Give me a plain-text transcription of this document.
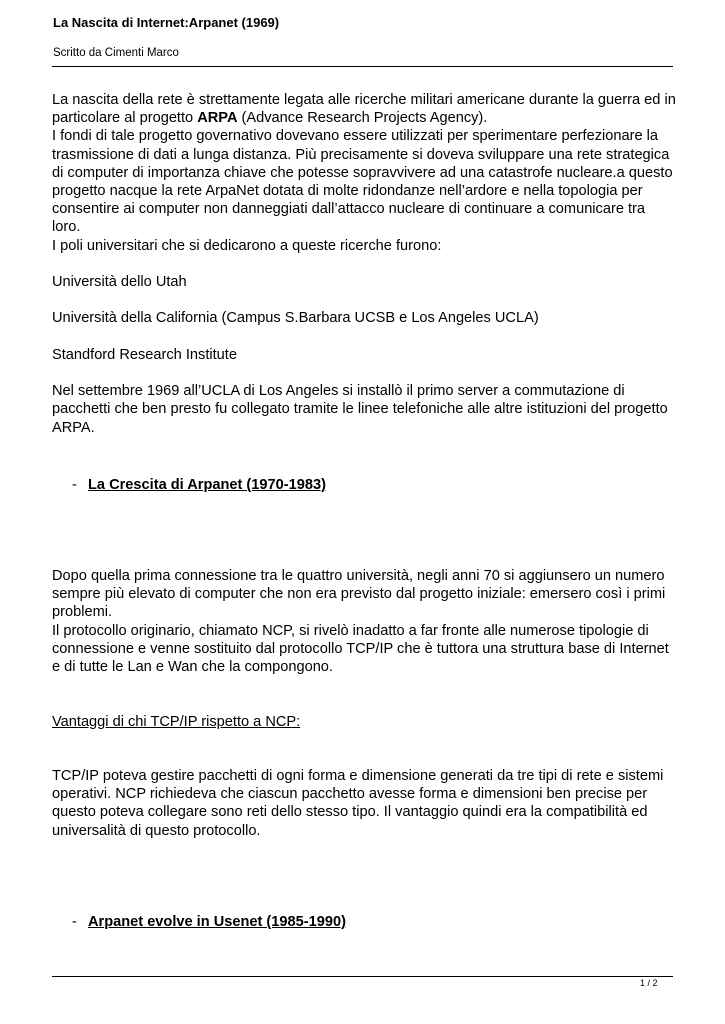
La Nascita di Internet:Arpanet (1969)
Scritto da Cimenti Marco

La nascita della rete è strettamente legata alle ricerche militari americane durante la guerra ed in particolare al progetto ARPA (Advance Research Projects Agency).

I fondi di tale progetto governativo dovevano essere utilizzati per sperimentare perfezionare la trasmissione di dati a lunga distanza. Più precisamente si doveva sviluppare una rete strategica di computer di importanza chiave che potesse sopravvivere ad una catastrofe nucleare.a questo progetto nacque la rete ArpaNet dotata di molte ridondanze nell’ardore e nella topologia per consentire ai computer non danneggiati dall’attacco nucleare di continuare a comunicare tra loro.

I poli universitari che si dedicarono a queste ricerche furono:

Università dello Utah

Università della California (Campus S.Barbara UCSB e Los Angeles UCLA)

Standford Research Institute

Nel settembre 1969 all’UCLA di Los Angeles si installò il primo server a commutazione di pacchetti che ben presto fu collegato tramite le linee telefoniche alle altre istituzioni del progetto ARPA.

- La Crescita di Arpanet (1970-1983)

Dopo quella prima connessione tra le quattro università, negli anni 70 si aggiunsero un numero sempre più elevato di computer che non era previsto dal progetto iniziale: emersero così i primi problemi.

Il protocollo originario, chiamato NCP, si rivelò inadatto a far fronte alle numerose tipologie di connessione e venne sostituito dal protocollo TCP/IP che è tuttora una struttura base di Internet e di tutte le Lan e Wan che la compongono.

Vantaggi di chi TCP/IP rispetto a NCP:

TCP/IP poteva gestire pacchetti di ogni forma e dimensione generati da tre tipi di rete e sistemi operativi. NCP richiedeva che ciascun pacchetto avesse forma e dimensioni ben precise per questo poteva collegare sono reti dello stesso tipo. Il vantaggio quindi era la compatibilità ed universalità di questo protocollo.

- Arpanet evolve in Usenet (1985-1990)
1 / 2
